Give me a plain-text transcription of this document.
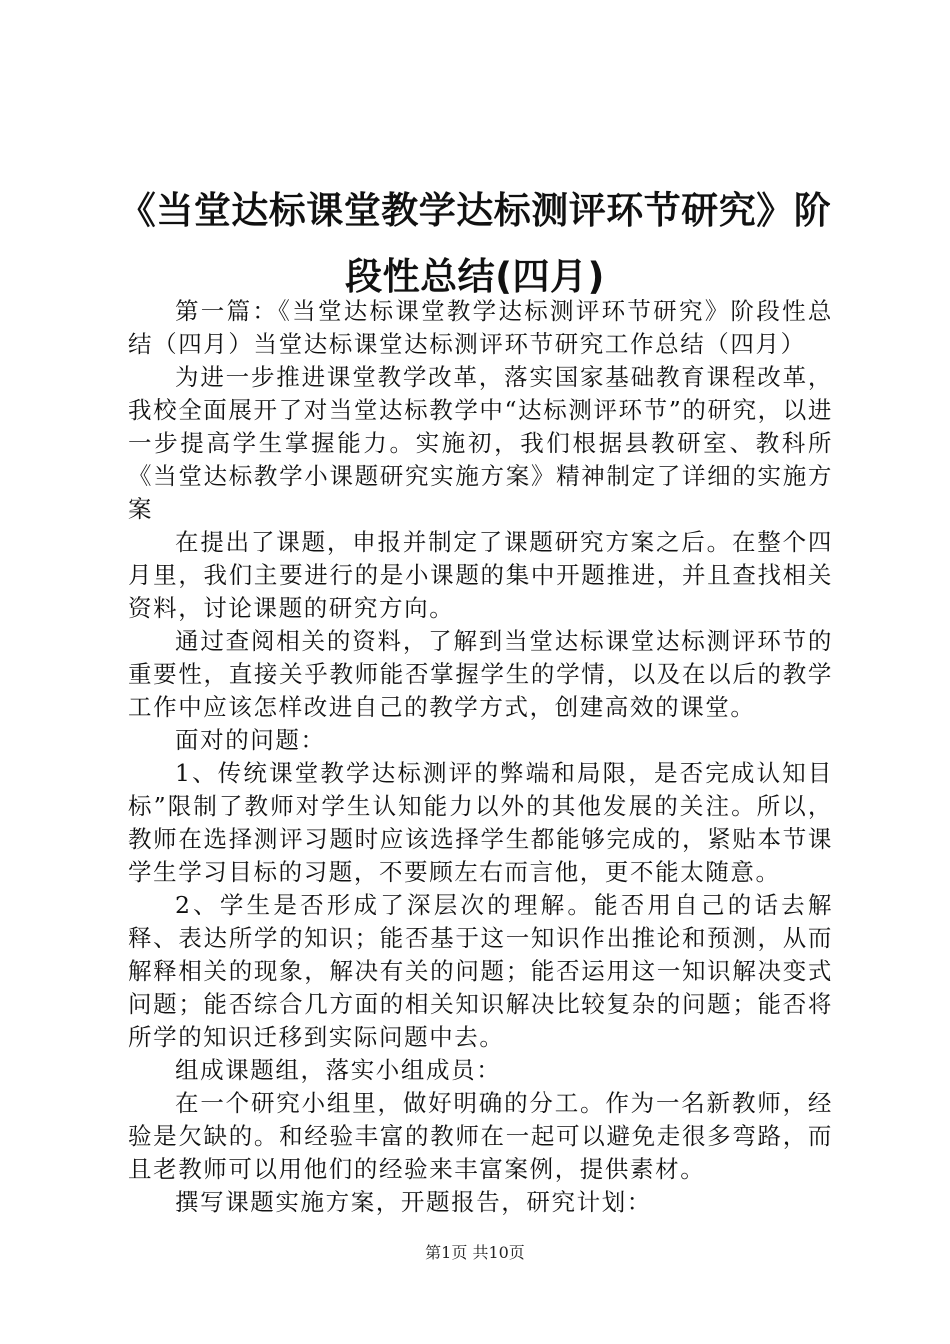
《当堂达标课堂教学达标测评环节研究》阶段性总结(四月)

第一篇：《当堂达标课堂教学达标测评环节研究》阶段性总结（四月）当堂达标课堂达标测评环节研究工作总结（四月）

为进一步推进课堂教学改革，落实国家基础教育课程改革，我校全面展开了对当堂达标教学中“达标测评环节”的研究，以进一步提高学生掌握能力。实施初，我们根据县教研室、教科所《当堂达标教学小课题研究实施方案》精神制定了详细的实施方案

在提出了课题，申报并制定了课题研究方案之后。在整个四月里，我们主要进行的是小课题的集中开题推进，并且查找相关资料，讨论课题的研究方向。

通过查阅相关的资料，了解到当堂达标课堂达标测评环节的重要性，直接关乎教师能否掌握学生的学情，以及在以后的教学工作中应该怎样改进自己的教学方式，创建高效的课堂。

面对的问题：

1、传统课堂教学达标测评的弊端和局限，是否完成认知目标”限制了教师对学生认知能力以外的其他发展的关注。所以，教师在选择测评习题时应该选择学生都能够完成的，紧贴本节课学生学习目标的习题，不要顾左右而言他，更不能太随意。

2、学生是否形成了深层次的理解。能否用自己的话去解释、表达所学的知识；能否基于这一知识作出推论和预测，从而解释相关的现象，解决有关的问题；能否运用这一知识解决变式问题；能否综合几方面的相关知识解决比较复杂的问题；能否将所学的知识迁移到实际问题中去。

组成课题组，落实小组成员：

在一个研究小组里，做好明确的分工。作为一名新教师，经验是欠缺的。和经验丰富的教师在一起可以避免走很多弯路，而且老教师可以用他们的经验来丰富案例，提供素材。

撰写课题实施方案，开题报告，研究计划：

第1页 共10页
